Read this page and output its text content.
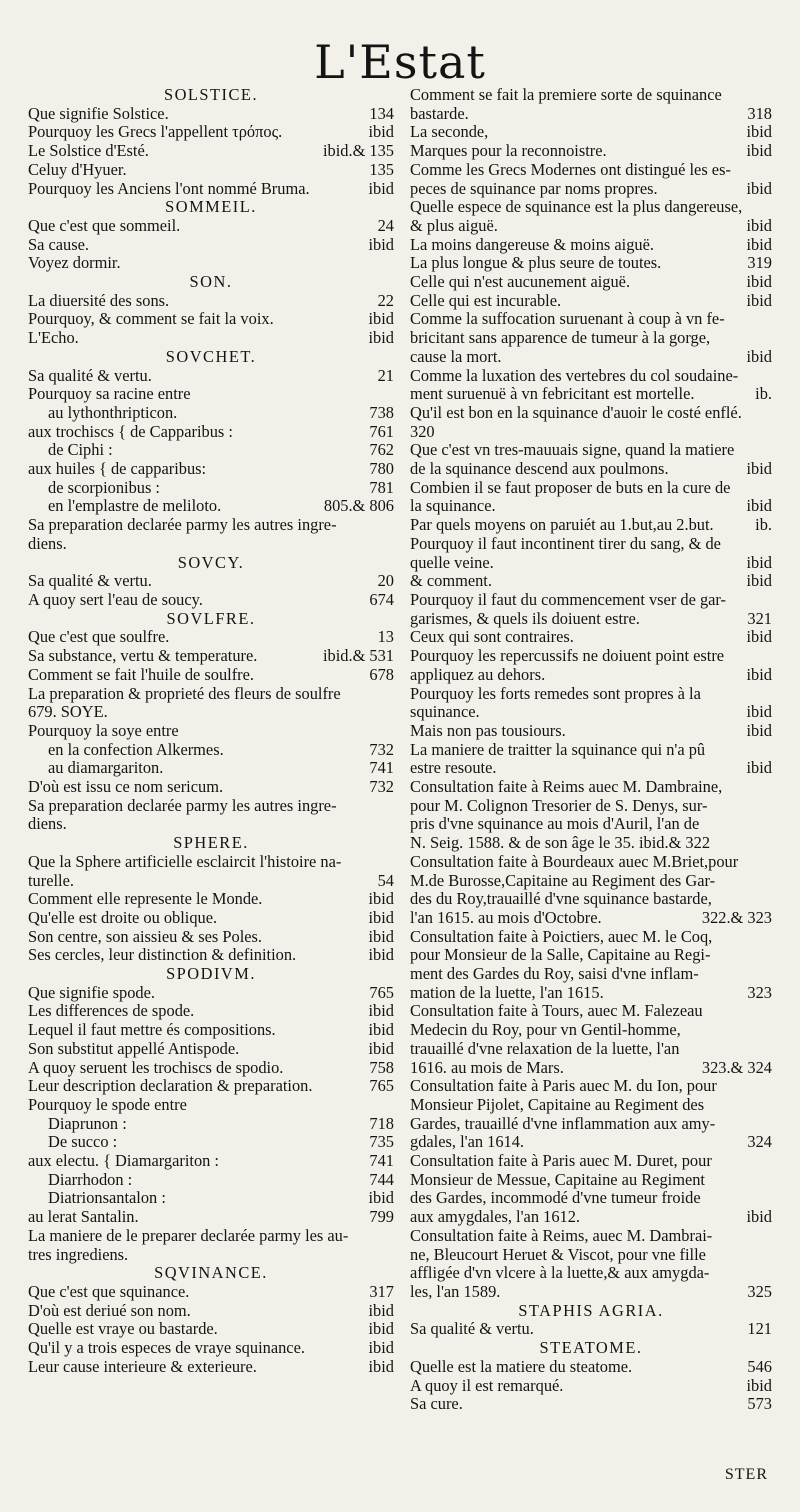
L'Estat
SOLSTICE.
Que signifie Solstice.	134
Pourquoy les Grecs l'appellent τρόπος.	ibid
Le Solstice d'Esté.	ibid.& 135
Celuy d'Hyuer.	135
Pourquoy les Anciens l'ont nommé Bruma.	ibid
SOMMEIL.
Que c'est que sommeil.	24
Sa cause.	ibid
Voyez dormir.
SON.
La diuersité des sons.	22
Pourquoy, & comment se fait la voix.	ibid
L'Echo.	ibid
SOVCHET.
Sa qualité & vertu.	21
Pourquoy sa racine entre
au lythonthripticon.	738
aux trochiscs { de Capparibus :	761
de Ciphi :	762
aux huiles { de capparibus:	780
de scorpionibus :	781
en l'emplastre de meliloto.	805.& 806
Sa preparation declarée parmy les autres ingre-
diens.
SOVCY.
Sa qualité & vertu.	20
A quoy sert l'eau de soucy.	674
SOVLFRE.
Que c'est que soulfre.	13
Sa substance, vertu & temperature.	ibid.& 531
Comment se fait l'huile de soulfre.	678
La preparation & proprieté des fleurs de soulfre
679. SOYE.
Pourquoy la soye entre
en la confection Alkermes.	732
au diamargariton.	741
D'où est issu ce nom sericum.	732
Sa preparation declarée parmy les autres ingre-
diens.
SPHERE.
Que la Sphere artificielle esclaircit l'histoire na-
turelle.	54
Comment elle represente le Monde.	ibid
Qu'elle est droite ou oblique.	ibid
Son centre, son aissieu & ses Poles.	ibid
Ses cercles, leur distinction & definition.	ibid
SPODIVM.
Que signifie spode.	765
Les differences de spode.	ibid
Lequel il faut mettre és compositions.	ibid
Son substitut appellé Antispode.	ibid
A quoy seruent les trochiscs de spodio.	758
Leur description declaration & preparation.	765
Pourquoy le spode entre
Diaprunon :	718
De succo :	735
aux electu. { Diamargariton :	741
Diarrhodon :	744
Diatrionsantalon :	ibid
au lerat Santalin.	799
La maniere de le preparer declarée parmy les au-
tres ingrediens.
SQVINANCE.
Que c'est que squinance.	317
D'où est deriué son nom.	ibid
Quelle est vraye ou bastarde.	ibid
Qu'il y a trois especes de vraye squinance.	ibid
Leur cause interieure & exterieure.	ibid
Comment se fait la premiere sorte de squinance
bastarde.	318
La seconde,	ibid
Marques pour la reconnoistre.	ibid
Comme les Grecs Modernes ont distingué les es-
peces de squinance par noms propres.	ibid
Quelle espece de squinance est la plus dangereuse,
& plus aiguë.	ibid
La moins dangereuse & moins aiguë.	ibid
La plus longue & plus seure de toutes.	319
Celle qui n'est aucunement aiguë.	ibid
Celle qui est incurable.	ibid
Comme la suffocation suruenant à coup à vn fe-
bricitant sans apparence de tumeur à la gorge,
cause la mort.	ibid
Comme la luxation des vertebres du col soudaine-
ment suruenuë à vn febricitant est mortelle.	ib.
Qu'il est bon en la squinance d'auoir le costé enflé.
320
Que c'est vn tres-mauuais signe, quand la matiere
de la squinance descend aux poulmons.	ibid
Combien il se faut proposer de buts en la cure de
la squinance.	ibid
Par quels moyens on paruiét au 1.but,au 2.but.	ib.
Pourquoy il faut incontinent tirer du sang, & de
quelle veine.	ibid
& comment.	ibid
Pourquoy il faut du commencement vser de gar-
garismes, & quels ils doiuent estre.	321
Ceux qui sont contraires.	ibid
Pourquoy les repercussifs ne doiuent point estre
appliquez au dehors.	ibid
Pourquoy les forts remedes sont propres à la
squinance.	ibid
Mais non pas tousiours.	ibid
La maniere de traitter la squinance qui n'a pû
estre resoute.	ibid
Consultation faite à Reims auec M. Dambraine,
pour M. Colignon Tresorier de S. Denys, sur-
pris d'vne squinance au mois d'Auril, l'an de
N. Seig. 1588. & de son âge le 35. ibid.& 322
Consultation faite à Bourdeaux auec M.Briet,pour
M.de Burosse,Capitaine au Regiment des Gar-
des du Roy,trauaillé d'vne squinance bastarde,
l'an 1615. au mois d'Octobre.	322.& 323
Consultation faite à Poictiers, auec M. le Coq,
pour Monsieur de la Salle, Capitaine au Regi-
ment des Gardes du Roy, saisi d'vne inflam-
mation de la luette, l'an 1615.	323
Consultation faite à Tours, auec M. Falezeau
Medecin du Roy, pour vn Gentil-homme,
trauaillé d'vne relaxation de la luette, l'an
1616. au mois de Mars.	323.& 324
Consultation faite à Paris auec M. du Ion, pour
Monsieur Pijolet, Capitaine au Regiment des
Gardes, trauaillé d'vne inflammation aux amy-
gdales, l'an 1614.	324
Consultation faite à Paris auec M. Duret, pour
Monsieur de Messue, Capitaine au Regiment
des Gardes, incommodé d'vne tumeur froide
aux amygdales, l'an 1612.	ibid
Consultation faite à Reims, auec M. Dambrai-
ne, Bleucourt Heruet & Viscot, pour vne fille
affligée d'vn vlcere à la luette,& aux amygda-
les, l'an 1589.	325
STAPHIS AGRIA.
Sa qualité & vertu.	121
STEATOME.
Quelle est la matiere du steatome.	546
A quoy il est remarqué.	ibid
Sa cure.	573
STER
